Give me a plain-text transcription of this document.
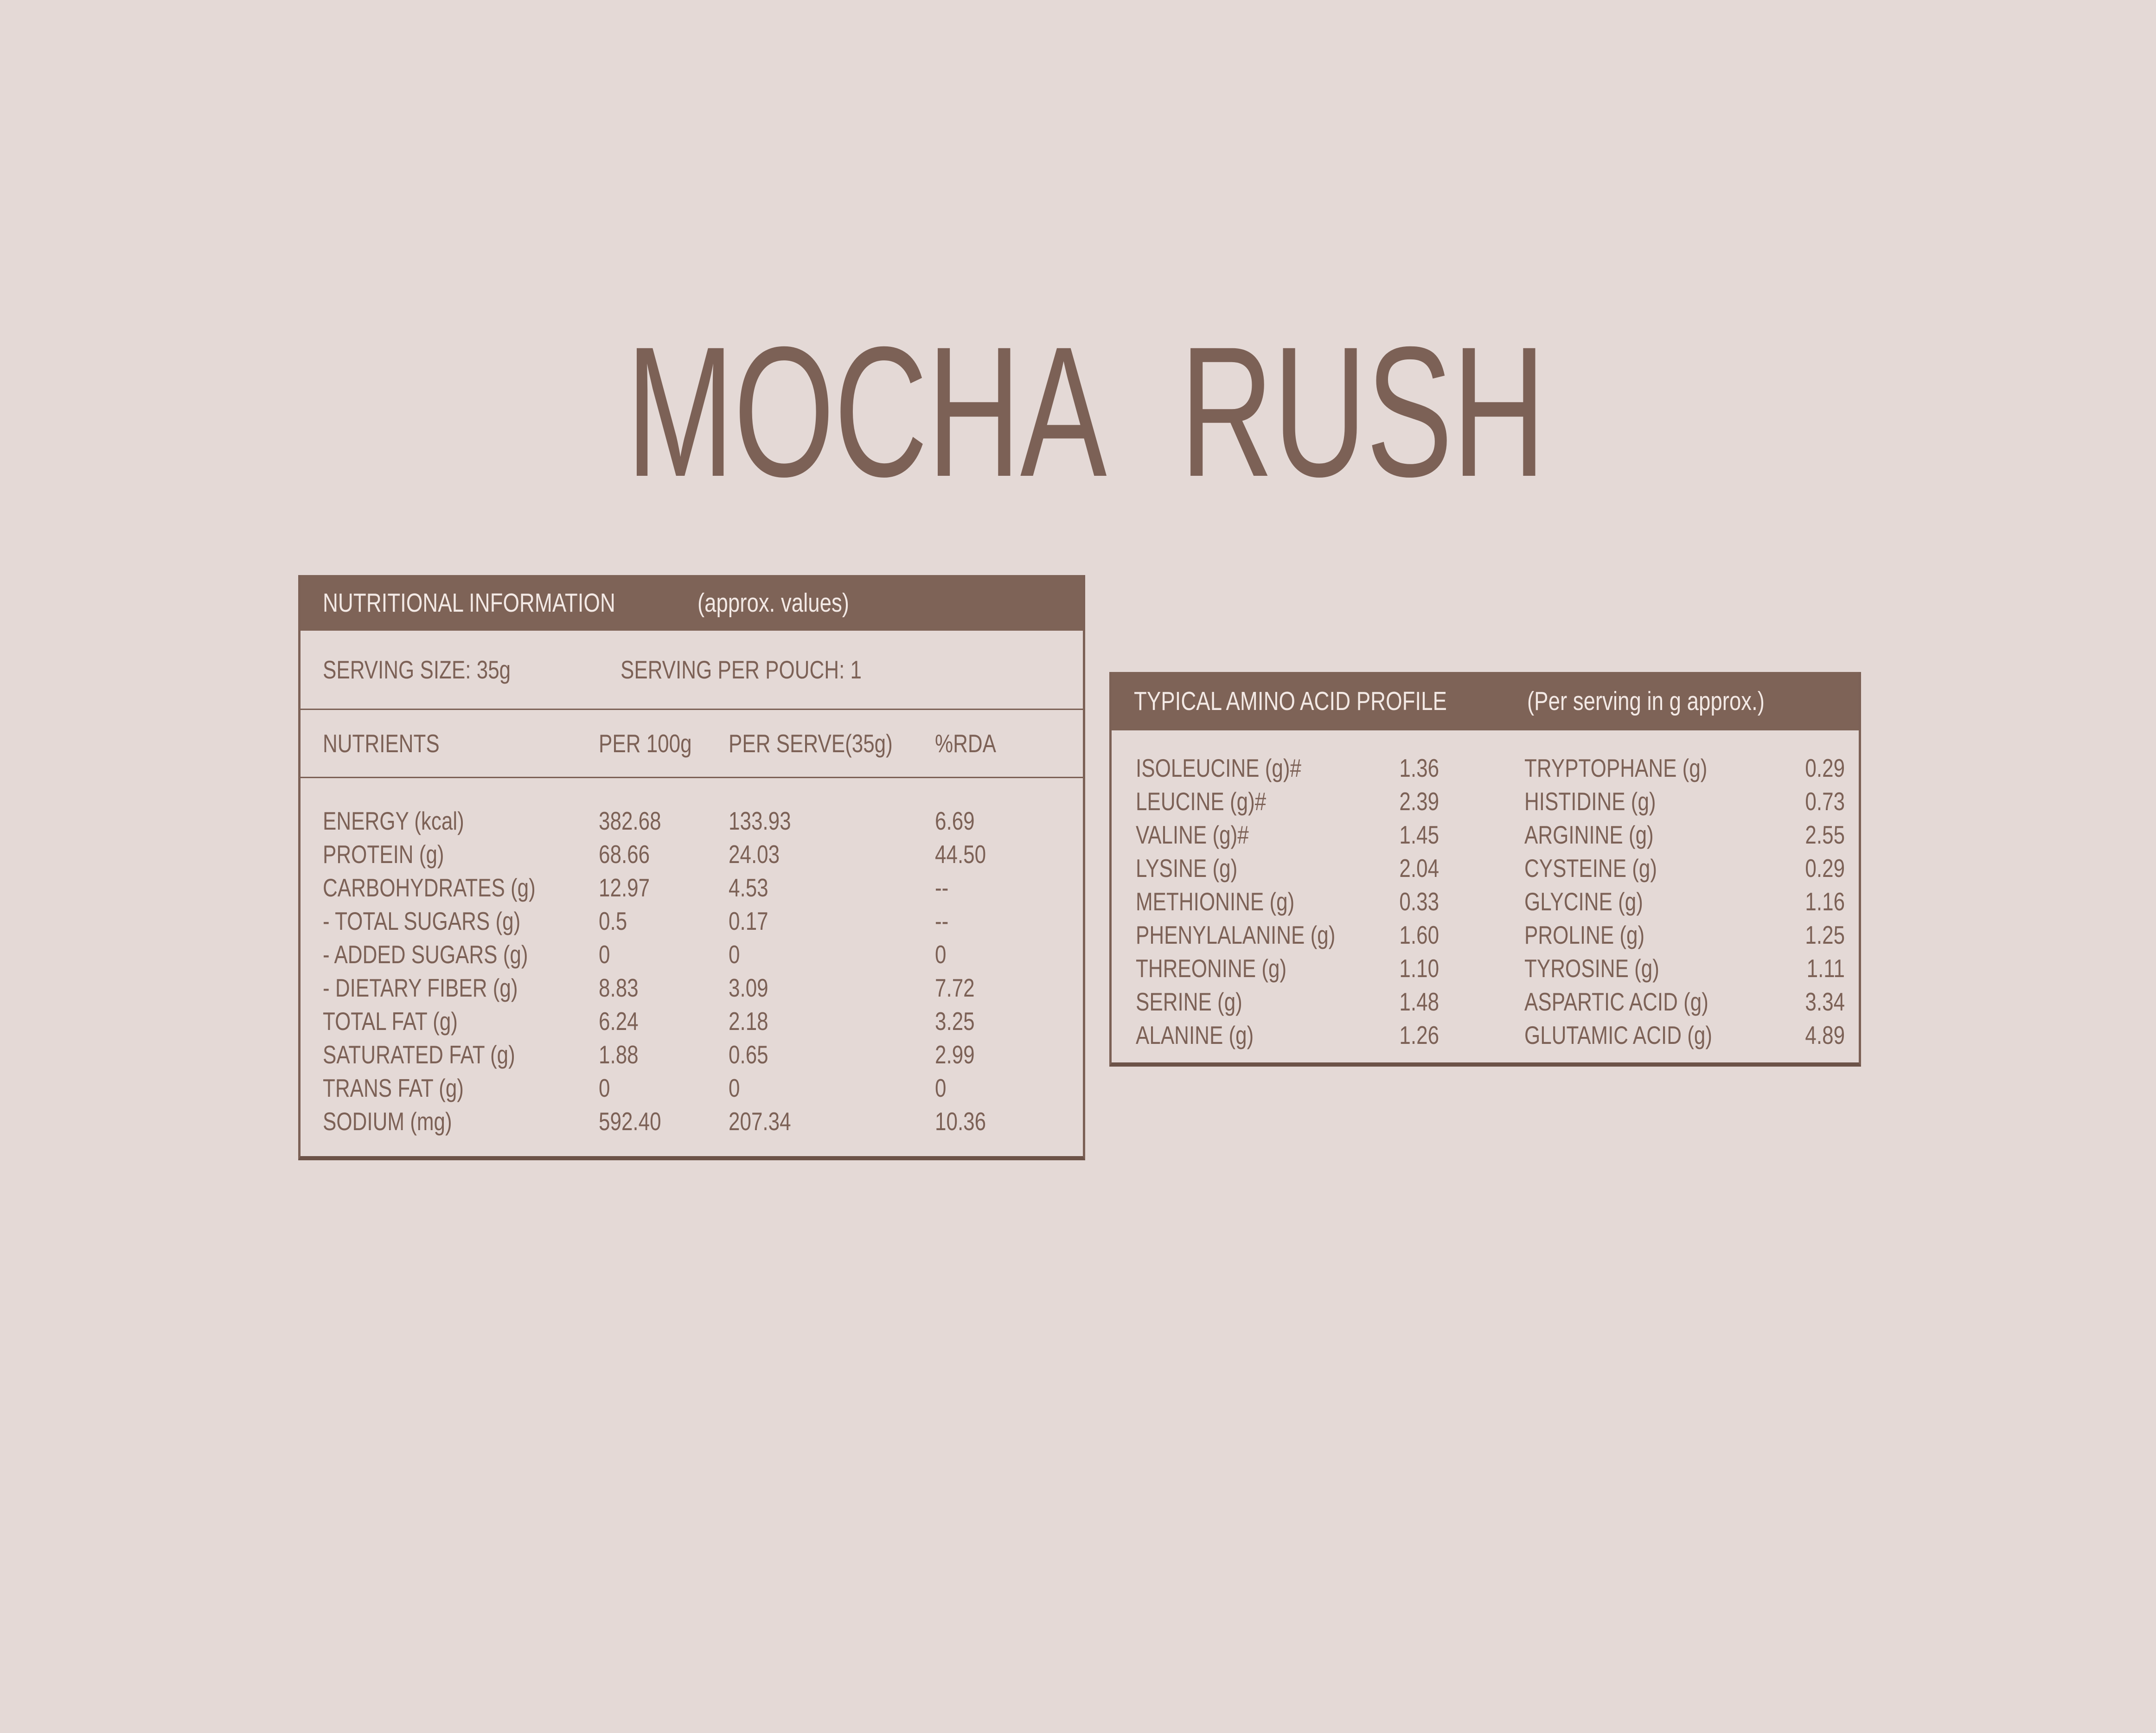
MOCHA RUSH
NUTRITIONAL INFORMATION	(approx. values)
SERVING SIZE: 35g	SERVING PER POUCH: 1
NUTRIENTS	PER 100g	PER SERVE(35g)	%RDA
ENERGY (kcal)	382.68	133.93	6.69
PROTEIN (g)	68.66	24.03	44.50
CARBOHYDRATES (g)	12.97	4.53	--
- TOTAL SUGARS (g)	0.5	0.17	--
- ADDED SUGARS (g)	0	0	0
- DIETARY FIBER (g)	8.83	3.09	7.72
TOTAL FAT (g)	6.24	2.18	3.25
SATURATED FAT (g)	1.88	0.65	2.99
TRANS FAT (g)	0	0	0
SODIUM (mg)	592.40	207.34	10.36
TYPICAL AMINO ACID PROFILE	(Per serving in g approx.)
ISOLEUCINE (g)#	1.36	TRYPTOPHANE (g)	0.29
LEUCINE (g)#	2.39	HISTIDINE (g)	0.73
VALINE (g)#	1.45	ARGININE (g)	2.55
LYSINE (g)	2.04	CYSTEINE (g)	0.29
METHIONINE (g)	0.33	GLYCINE (g)	1.16
PHENYLALANINE (g)	1.60	PROLINE (g)	1.25
THREONINE (g)	1.10	TYROSINE (g)	1.11
SERINE (g)	1.48	ASPARTIC ACID (g)	3.34
ALANINE (g)	1.26	GLUTAMIC ACID (g)	4.89
